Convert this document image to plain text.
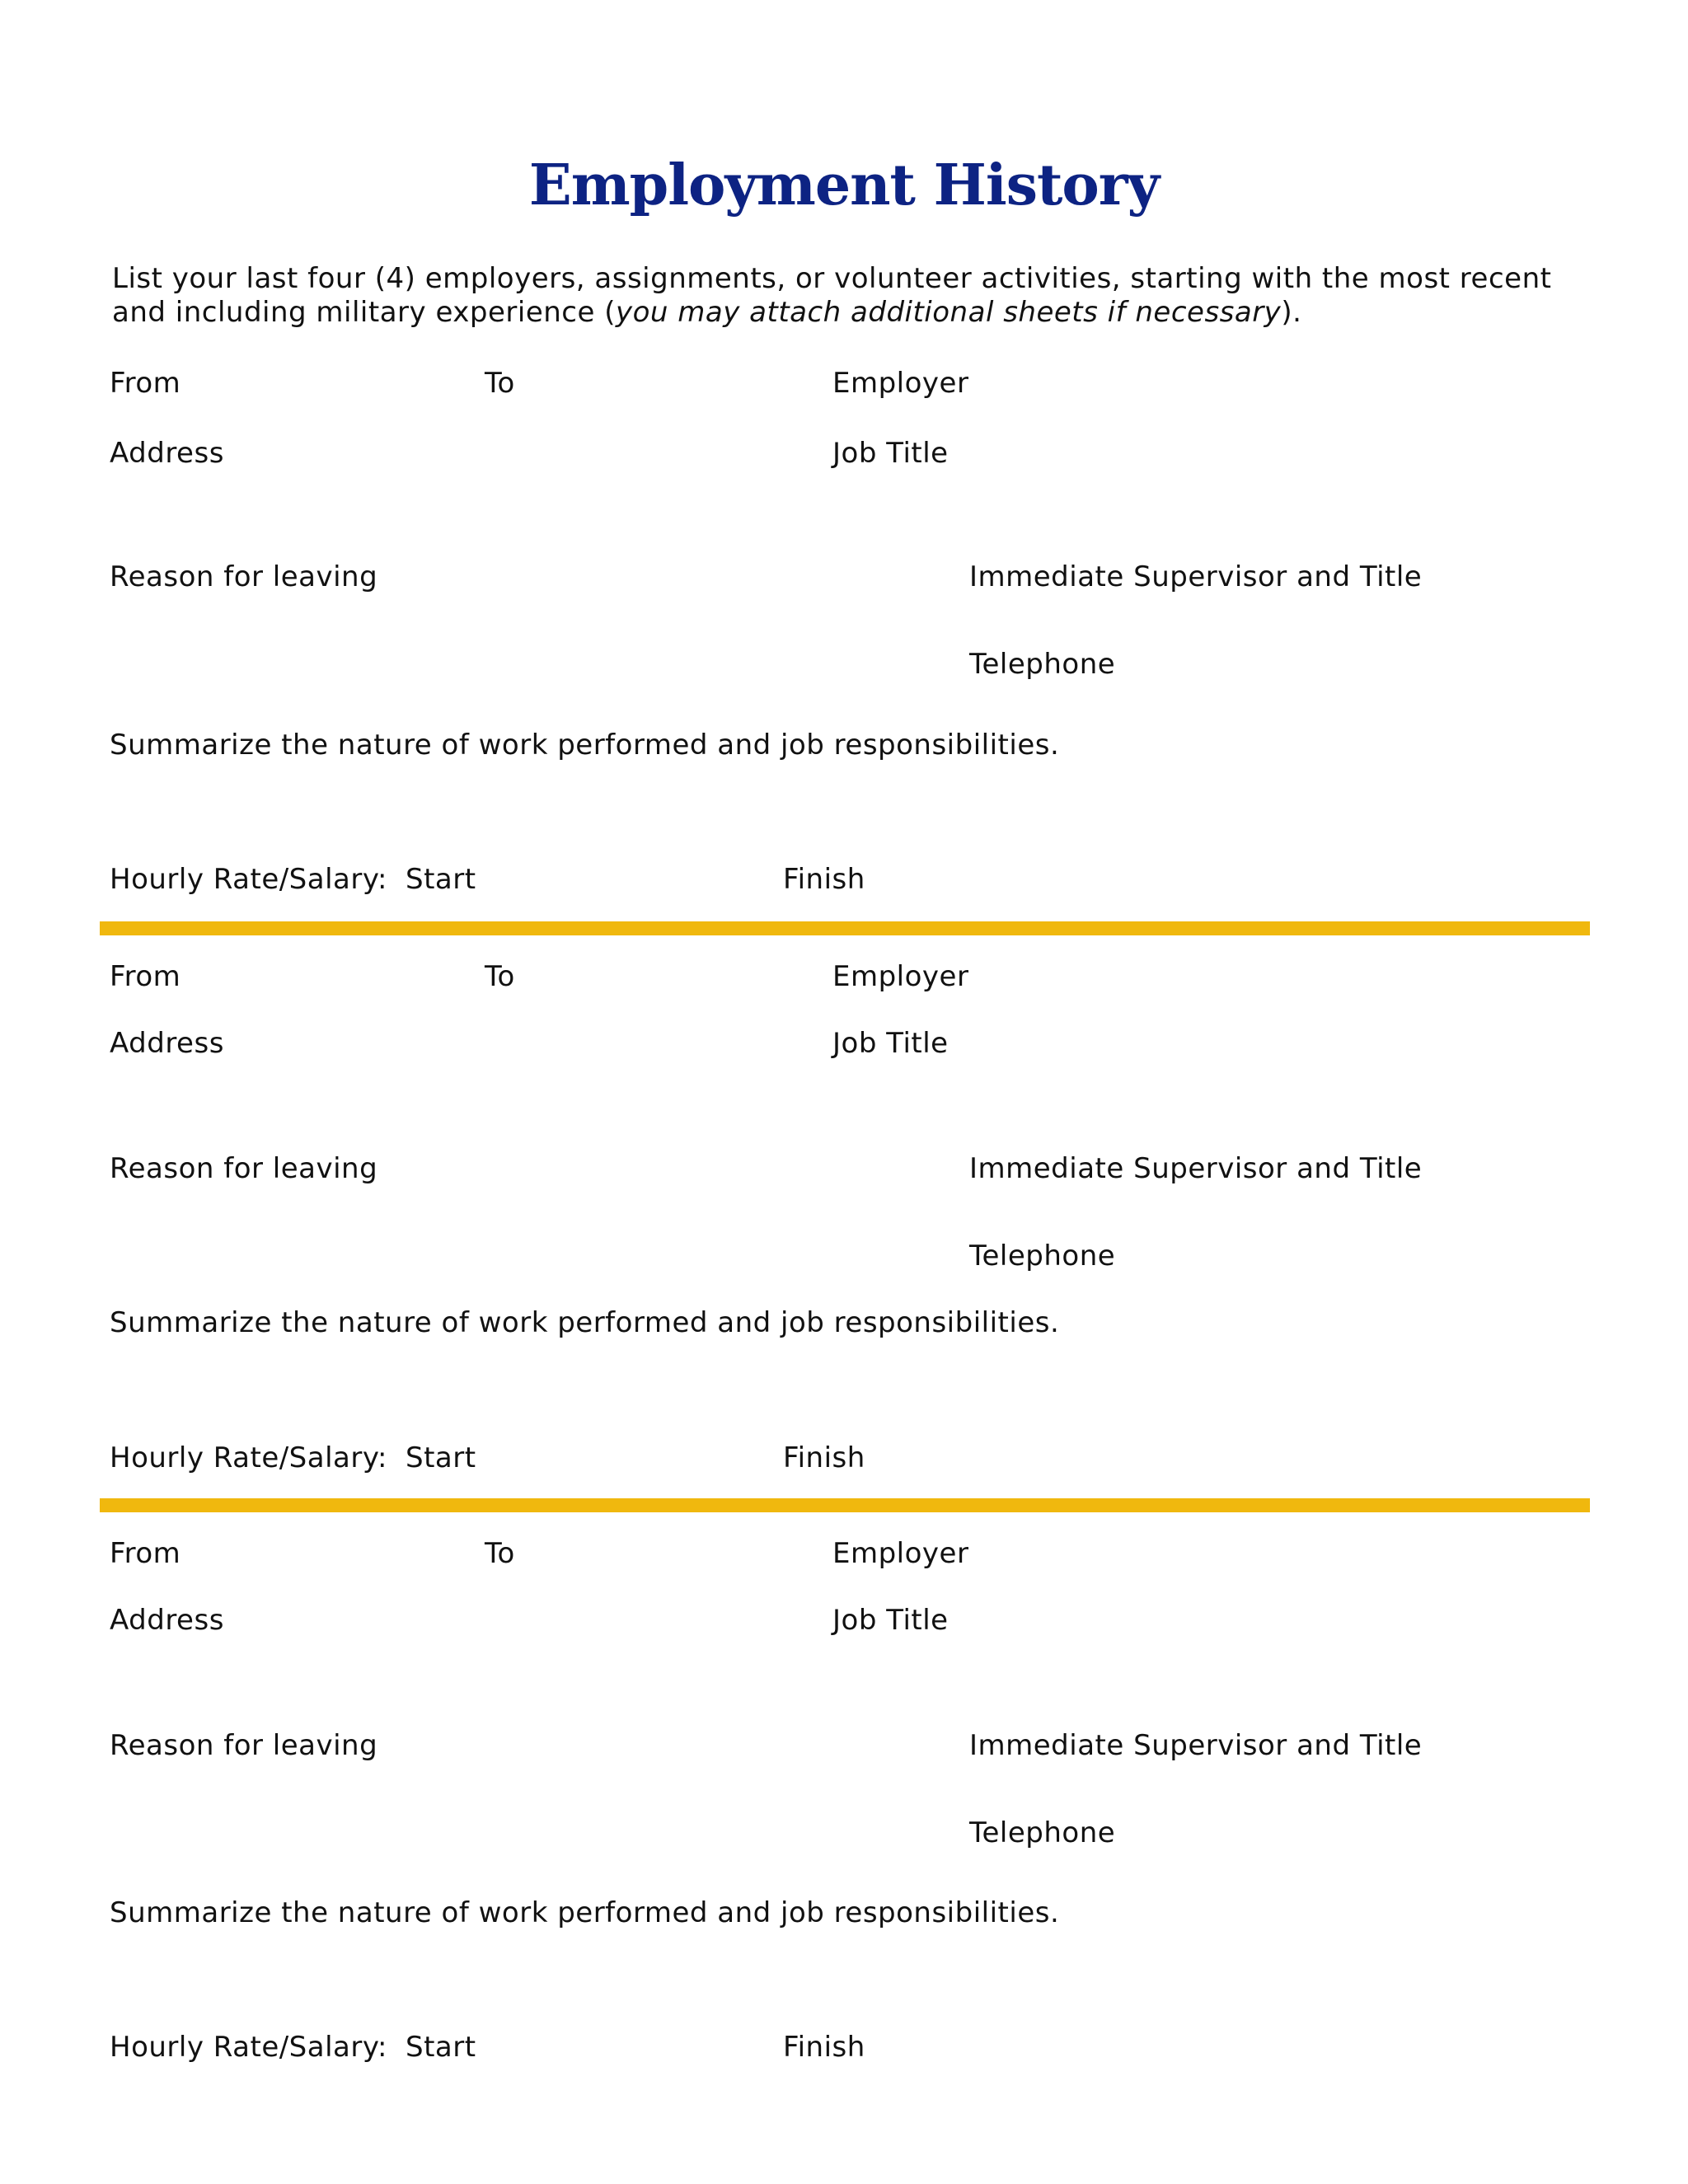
Employment History

List your last four (4) employers, assignments, or volunteer activities, starting with the most recent and including military experience (you may attach additional sheets if necessary).

From	To	Employer
Address	Job Title
Reason for leaving	Immediate Supervisor and Title
Telephone
Summarize the nature of work performed and job responsibilities.
Hourly Rate/Salary: Start	Finish
From	To	Employer
Address	Job Title
Reason for leaving	Immediate Supervisor and Title
Telephone
Summarize the nature of work performed and job responsibilities.
Hourly Rate/Salary: Start	Finish
From	To	Employer
Address	Job Title
Reason for leaving	Immediate Supervisor and Title
Telephone
Summarize the nature of work performed and job responsibilities.
Hourly Rate/Salary: Start	Finish
